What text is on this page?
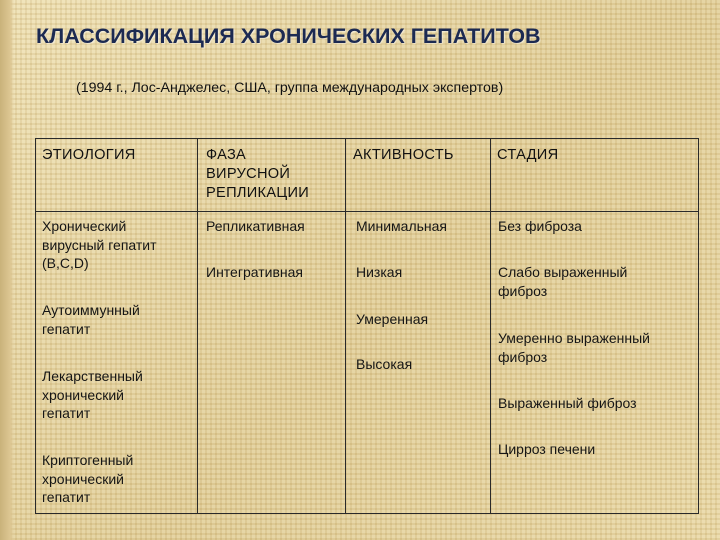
КЛАССИФИКАЦИЯ ХРОНИЧЕСКИХ ГЕПАТИТОВ
(1994 г., Лос-Анджелес, США, группа международных экспертов)
ЭТИОЛОГИЯ	ФАЗА
ВИРУСНОЙ
РЕПЛИКАЦИИ
АКТИВНОСТЬ	СТАДИЯ
Хронический
вирусный гепатит
(B,C,D)
Аутоиммунный
гепатит
Лекарственный
хронический
гепатит
Криптогенный
хронический
гепатит
Репликативная
Интегративная
Минимальная
Низкая
Умеренная
Высокая
Без фиброза
Слабо выраженный
фиброз
Умеренно выраженный
фиброз
Выраженный фиброз
Цирроз печени
